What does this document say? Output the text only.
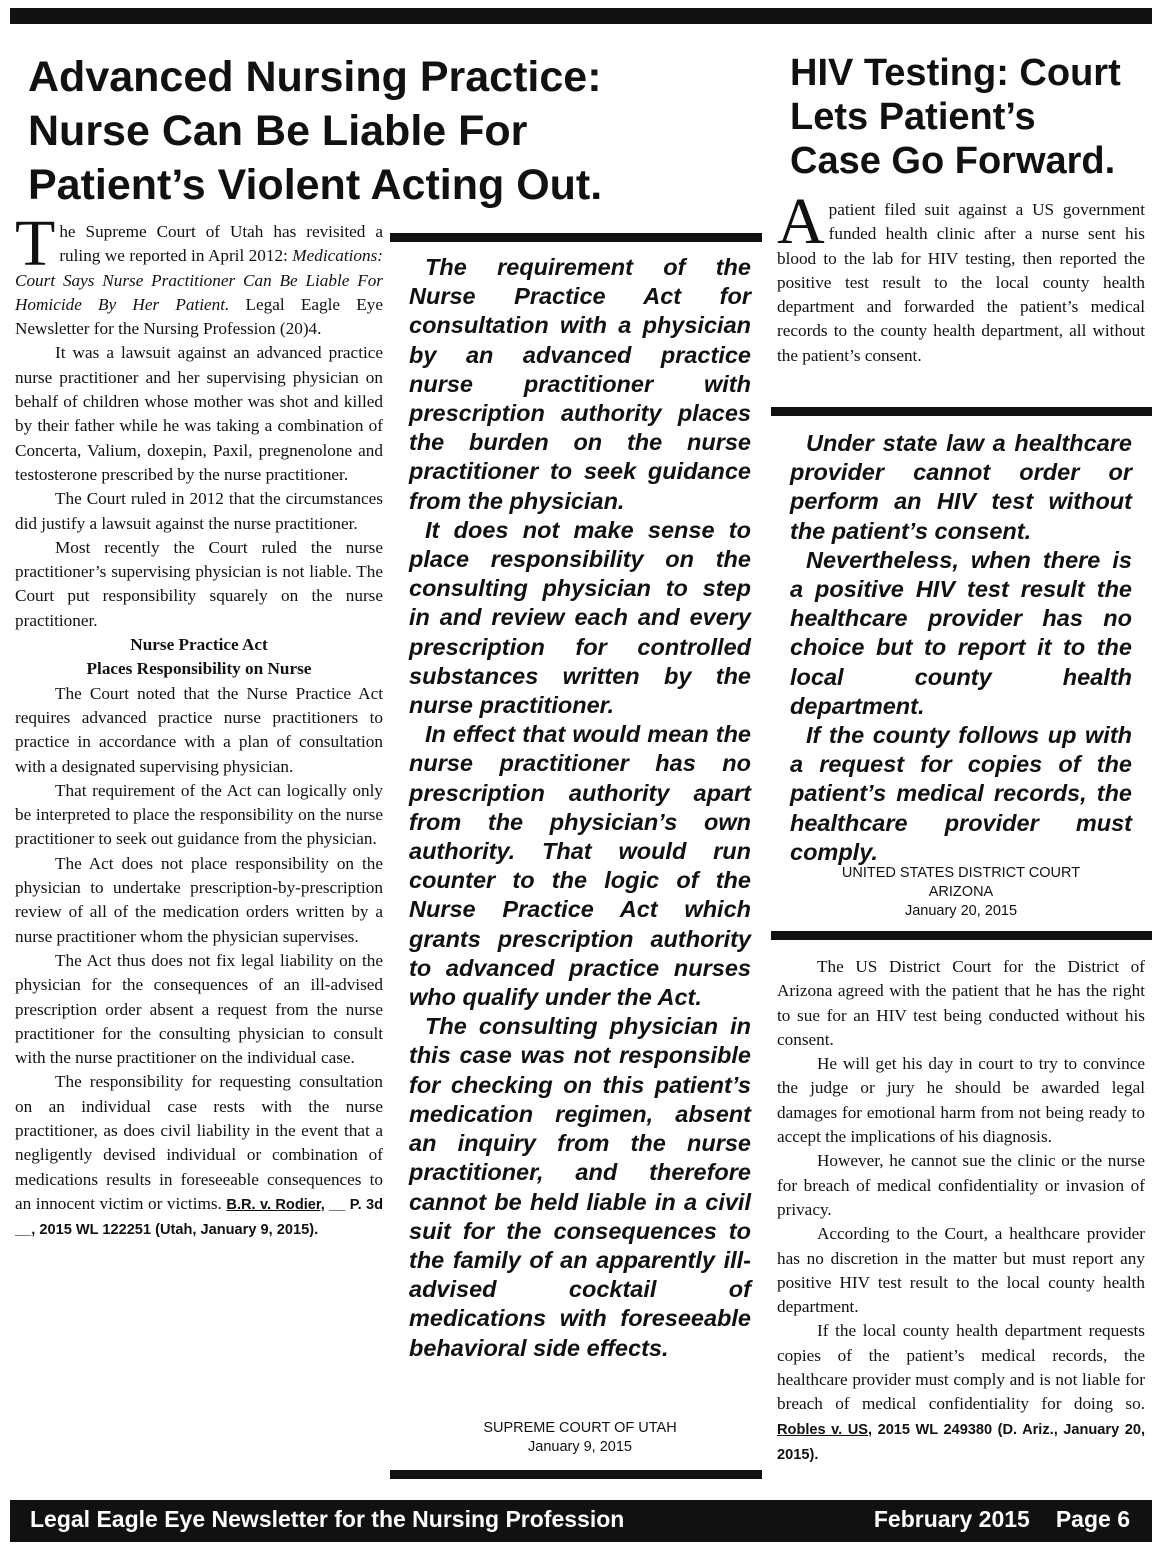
Advanced Nursing Practice:
Nurse Can Be Liable For
Patient’s Violent Acting Out.
HIV Testing: Court
Lets Patient’s
Case Go Forward.

The Supreme Court of Utah has revisited a ruling we reported in April 2012: Medications: Court Says Nurse Practitioner Can Be Liable For Homicide By Her Patient. Legal Eagle Eye Newsletter for the Nursing Profession (20)4.

It was a lawsuit against an advanced practice nurse practitioner and her supervising physician on behalf of children whose mother was shot and killed by their father while he was taking a combination of Concerta, Valium, doxepin, Paxil, pregnenolone and testosterone prescribed by the nurse practitioner.

The Court ruled in 2012 that the circumstances did justify a lawsuit against the nurse practitioner.

Most recently the Court ruled the nurse practitioner’s supervising physician is not liable. The Court put responsibility squarely on the nurse practitioner.

Nurse Practice Act

Places Responsibility on Nurse

The Court noted that the Nurse Practice Act requires advanced practice nurse practitioners to practice in accordance with a plan of consultation with a designated supervising physician.

That requirement of the Act can logically only be interpreted to place the responsibility on the nurse practitioner to seek out guidance from the physician.

The Act does not place responsibility on the physician to undertake prescription-by-prescription review of all of the medication orders written by a nurse practitioner whom the physician supervises.

The Act thus does not fix legal liability on the physician for the consequences of an ill-advised prescription order absent a request from the nurse practitioner for the consulting physician to consult with the nurse practitioner on the individual case.

The responsibility for requesting consultation on an individual case rests with the nurse practitioner, as does civil liability in the event that a negligently devised individual or combination of medications results in foreseeable consequences to an innocent victim or victims. B.R. v. Rodier, __ P. 3d __, 2015 WL 122251 (Utah, January 9, 2015).

The requirement of the Nurse Practice Act for consultation with a physician by an advanced practice nurse practitioner with prescription authority places the burden on the nurse practitioner to seek guidance from the physician.

It does not make sense to place responsibility on the consulting physician to step in and review each and every prescription for controlled substances written by the nurse practitioner.

In effect that would mean the nurse practitioner has no prescription authority apart from the physician’s own authority. That would run counter to the logic of the Nurse Practice Act which grants prescription authority to advanced practice nurses who qualify under the Act.

The consulting physician in this case was not responsible for checking on this patient’s medication regimen, absent an inquiry from the nurse practitioner, and therefore cannot be held liable in a civil suit for the consequences to the family of an apparently ill-advised cocktail of medications with foreseeable behavioral side effects.

SUPREME COURT OF UTAH
January 9, 2015

A patient filed suit against a US government funded health clinic after a nurse sent his blood to the lab for HIV testing, then reported the positive test result to the local county health department and forwarded the patient’s medical records to the county health department, all without the patient’s consent.

Under state law a healthcare provider cannot order or perform an HIV test without the patient’s consent.

Nevertheless, when there is a positive HIV test result the healthcare provider has no choice but to report it to the local county health department.

If the county follows up with a request for copies of the patient’s medical records, the healthcare provider must comply.

UNITED STATES DISTRICT COURT
ARIZONA
January 20, 2015

The US District Court for the District of Arizona agreed with the patient that he has the right to sue for an HIV test being conducted without his consent.

He will get his day in court to try to convince the judge or jury he should be awarded legal damages for emotional harm from not being ready to accept the implications of his diagnosis.

However, he cannot sue the clinic or the nurse for breach of medical confidentiality or invasion of privacy.

According to the Court, a healthcare provider has no discretion in the matter but must report any positive HIV test result to the local county health department.

If the local county health department requests copies of the patient’s medical records, the healthcare provider must comply and is not liable for breach of medical confidentiality for doing so. Robles v. US, 2015 WL 249380 (D. Ariz., January 20, 2015).

Legal Eagle Eye Newsletter for the Nursing Profession	February 2015 Page 6
